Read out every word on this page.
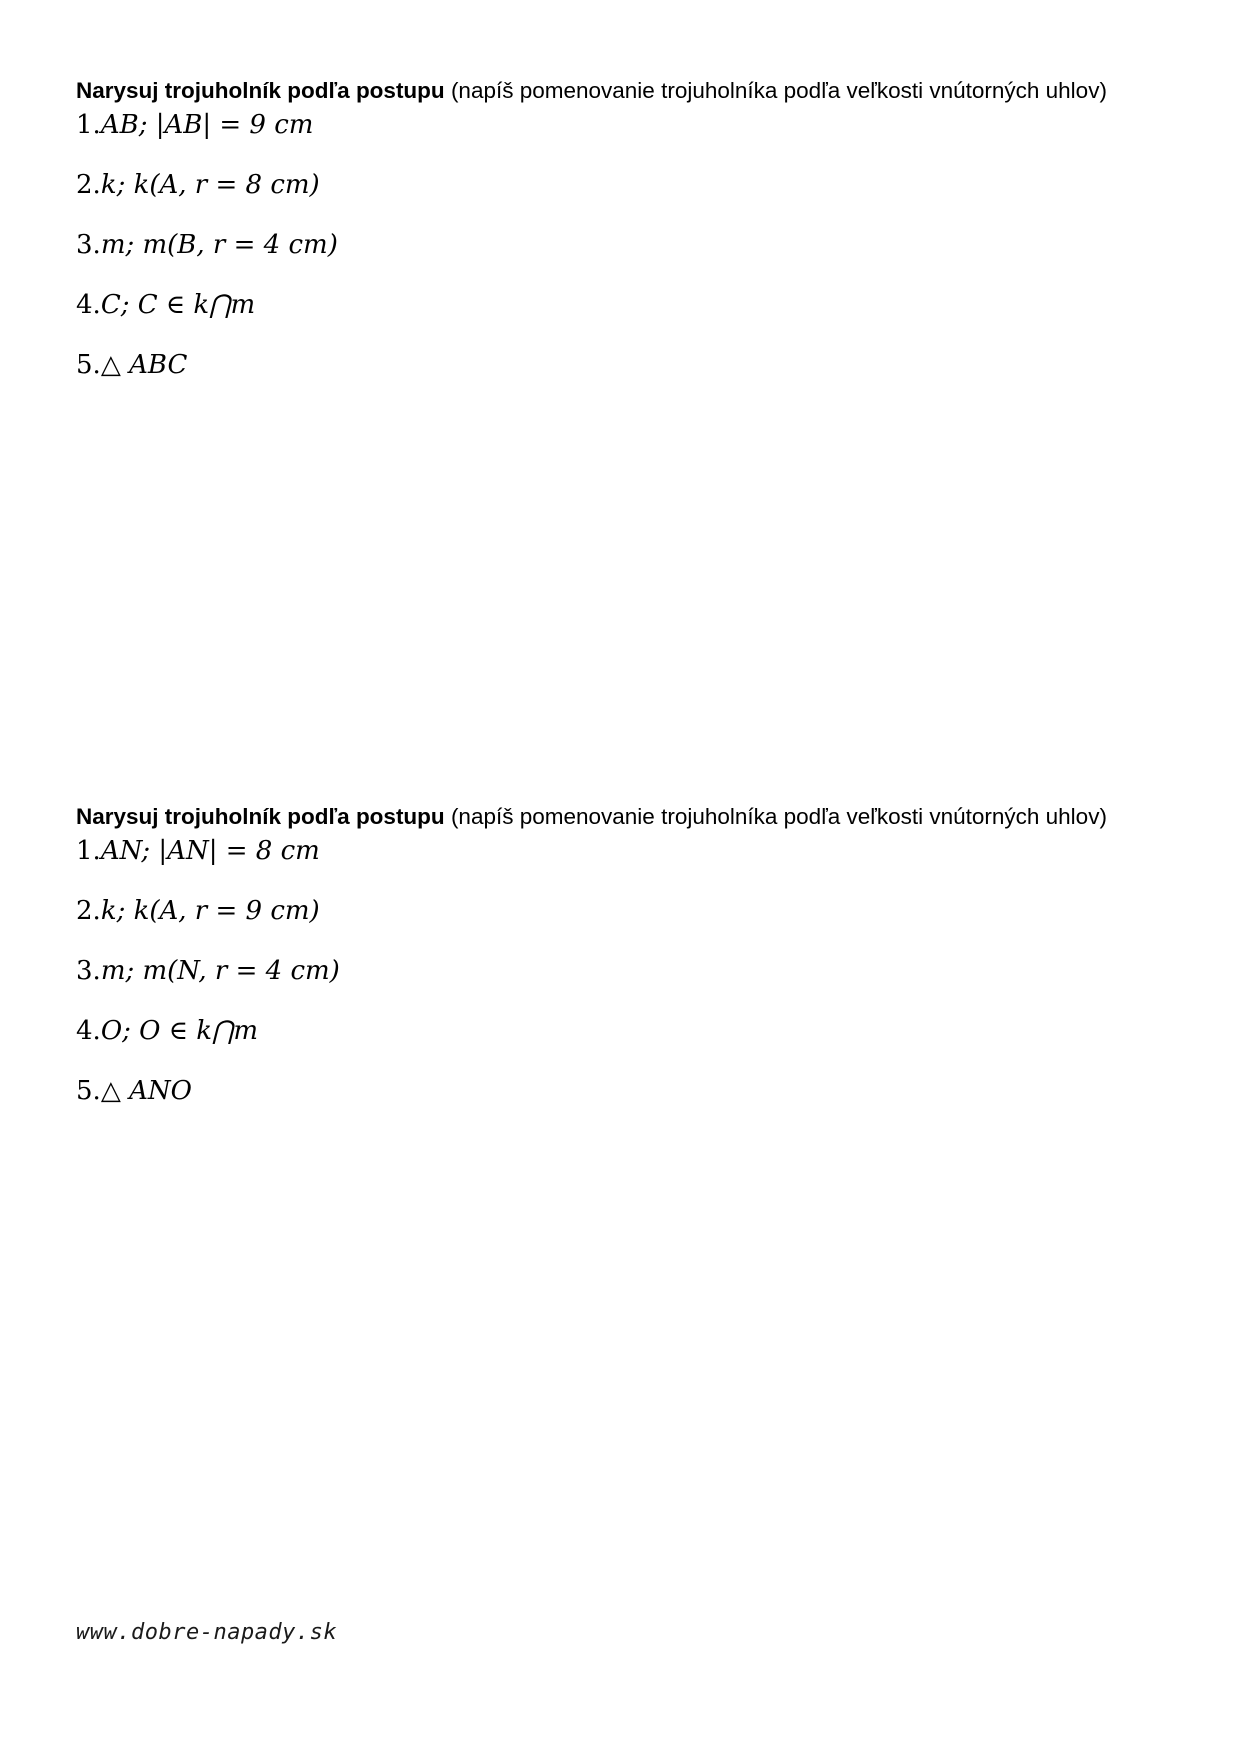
Narysuj trojuholník podľa postupu (napíš pomenovanie trojuholníka podľa veľkosti vnútorných uhlov)
1.AB; |AB| = 9 cm
2.k; k(A, r = 8 cm)
3.m; m(B, r = 4 cm)
4.C; C ∈ k⋂m
5.△ ABC
Narysuj trojuholník podľa postupu (napíš pomenovanie trojuholníka podľa veľkosti vnútorných uhlov)
1.AN; |AN| = 8 cm
2.k; k(A, r = 9 cm)
3.m; m(N, r = 4 cm)
4.O; O ∈ k⋂m
5.△ ANO
www.dobre-napady.sk
